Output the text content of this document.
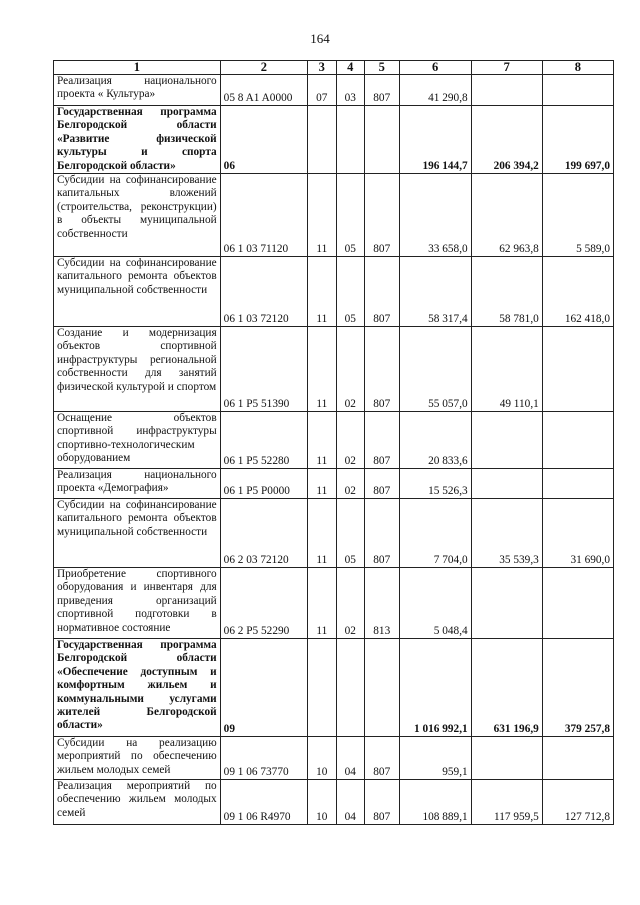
164
1	2	3	4	5	6	7	8
Реализация национального проекта « Культура»	05 8 A1 A0000	07	03	807	41 290,8		
Государственная программа Белгородской области «Развитие физической культуры и спорта Белгородской области»	06				196 144,7	206 394,2	199 697,0
Субсидии на софинансирование капитальных вложений (строительства, реконструкции) в объекты муниципальной собственности	06 1 03 71120	11	05	807	33 658,0	62 963,8	5 589,0
Субсидии на софинансирование капитального ремонта объектов муниципальной собственности	06 1 03 72120	11	05	807	58 317,4	58 781,0	162 418,0
Создание и модернизация объектов спортивной инфраструктуры региональной собственности для занятий физической культурой и спортом	06 1 P5 51390	11	02	807	55 057,0	49 110,1	
Оснащение объектов спортивной инфраструктуры спортивно-технологическим оборудованием	06 1 P5 52280	11	02	807	20 833,6		
Реализация национального проекта «Демография»	06 1 P5 P0000	11	02	807	15 526,3		
Субсидии на софинансирование капитального ремонта объектов муниципальной собственности	06 2 03 72120	11	05	807	7 704,0	35 539,3	31 690,0
Приобретение спортивного оборудования и инвентаря для приведения организаций спортивной подготовки в нормативное состояние	06 2 P5 52290	11	02	813	5 048,4		
Государственная программа Белгородской области «Обеспечение доступным и комфортным жильем и коммунальными услугами жителей Белгородской области»	09				1 016 992,1	631 196,9	379 257,8
Субсидии на реализацию мероприятий по обеспечению жильем молодых семей	09 1 06 73770	10	04	807	959,1		
Реализация мероприятий по обеспечению жильем молодых семей	09 1 06 R4970	10	04	807	108 889,1	117 959,5	127 712,8
